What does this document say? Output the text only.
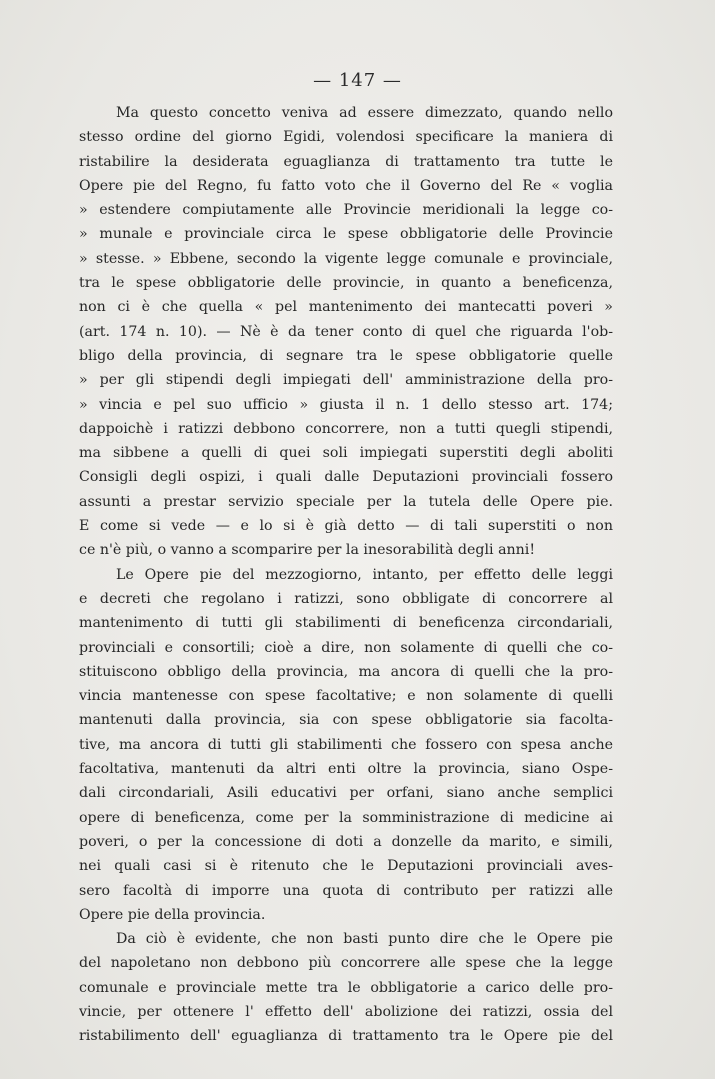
— 147 —
Ma questo concetto veniva ad essere dimezzato, quando nello
stesso ordine del giorno Egidi, volendosi specificare la maniera di
ristabilire la desiderata eguaglianza di trattamento tra tutte le
Opere pie del Regno, fu fatto voto che il Governo del Re « voglia
» estendere compiutamente alle Provincie meridionali la legge co-
» munale e provinciale circa le spese obbligatorie delle Provincie
» stesse. » Ebbene, secondo la vigente legge comunale e provinciale,
tra le spese obbligatorie delle provincie, in quanto a beneficenza,
non ci è che quella « pel mantenimento dei mantecatti poveri »
(art. 174 n. 10). — Nè è da tener conto di quel che riguarda l'ob-
bligo della provincia, di segnare tra le spese obbligatorie quelle
» per gli stipendi degli impiegati dell' amministrazione della pro-
» vincia e pel suo ufficio » giusta il n. 1 dello stesso art. 174;
dappoichè i ratizzi debbono concorrere, non a tutti quegli stipendi,
ma sibbene a quelli di quei soli impiegati superstiti degli aboliti
Consigli degli ospizi, i quali dalle Deputazioni provinciali fossero
assunti a prestar servizio speciale per la tutela delle Opere pie.
E come si vede — e lo si è già detto — di tali superstiti o non
ce n'è più, o vanno a scomparire per la inesorabilità degli anni!
Le Opere pie del mezzogiorno, intanto, per effetto delle leggi
e decreti che regolano i ratizzi, sono obbligate di concorrere al
mantenimento di tutti gli stabilimenti di beneficenza circondariali,
provinciali e consortili; cioè a dire, non solamente di quelli che co-
stituiscono obbligo della provincia, ma ancora di quelli che la pro-
vincia mantenesse con spese facoltative; e non solamente di quelli
mantenuti dalla provincia, sia con spese obbligatorie sia facolta-
tive, ma ancora di tutti gli stabilimenti che fossero con spesa anche
facoltativa, mantenuti da altri enti oltre la provincia, siano Ospe-
dali circondariali, Asili educativi per orfani, siano anche semplici
opere di beneficenza, come per la somministrazione di medicine ai
poveri, o per la concessione di doti a donzelle da marito, e simili,
nei quali casi si è ritenuto che le Deputazioni provinciali aves-
sero facoltà di imporre una quota di contributo per ratizzi alle
Opere pie della provincia.
Da ciò è evidente, che non basti punto dire che le Opere pie
del napoletano non debbono più concorrere alle spese che la legge
comunale e provinciale mette tra le obbligatorie a carico delle pro-
vincie, per ottenere l' effetto dell' abolizione dei ratizzi, ossia del
ristabilimento dell' eguaglianza di trattamento tra le Opere pie del
